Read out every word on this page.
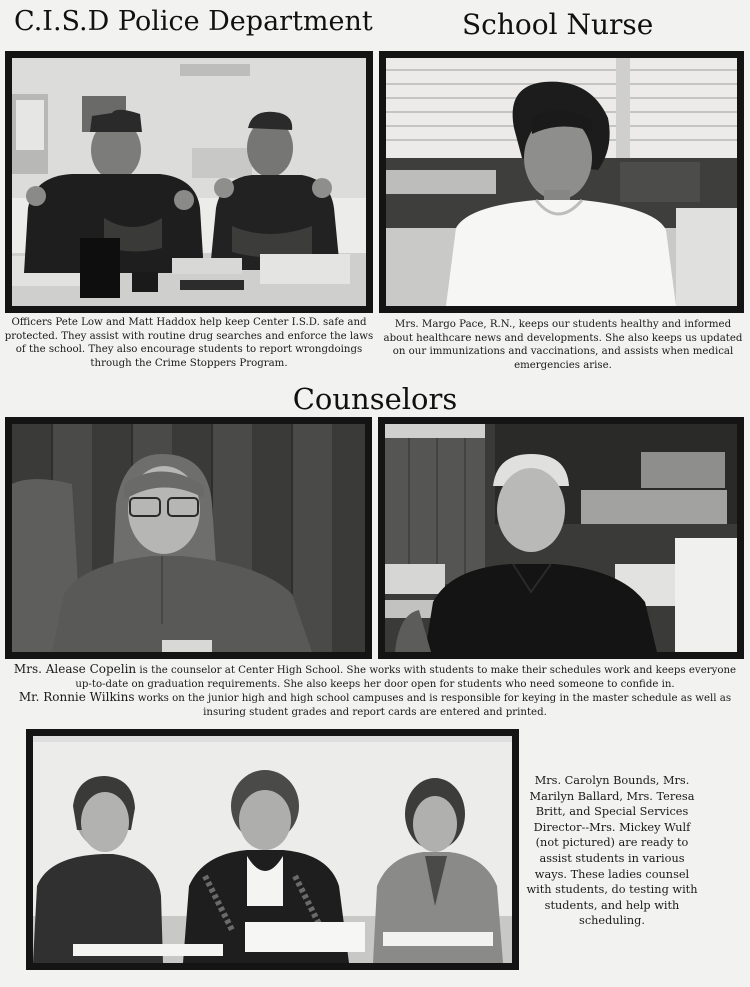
C.I.S.D Police Department	School Nurse

Officers Pete Low and Matt Haddox help keep Center I.S.D. safe and protected. They assist with routine drug searches and enforce the laws of the school. They also encourage students to report wrongdoings through the Crime Stoppers Program.

Mrs. Margo Pace, R.N., keeps our students healthy and informed about healthcare news and developments. She also keeps us updated on our immunizations and vaccinations, and assists when medical emergencies arise.

Counselors

Mrs. Alease Copelin is the counselor at Center High School. She works with students to make their schedules work and keeps everyone up-to-date on graduation requirements. She also keeps her door open for students who need someone to confide in.

Mr. Ronnie Wilkins works on the junior high and high school campuses and is responsible for keying in the master schedule as well as insuring student grades and report cards are entered and printed.

Mrs. Carolyn Bounds, Mrs. Marilyn Ballard, Mrs. Teresa Britt, and Special Services Director--Mrs. Mickey Wulf (not pictured) are ready to assist students in various ways. These ladies counsel with students, do testing with students, and help with scheduling.
